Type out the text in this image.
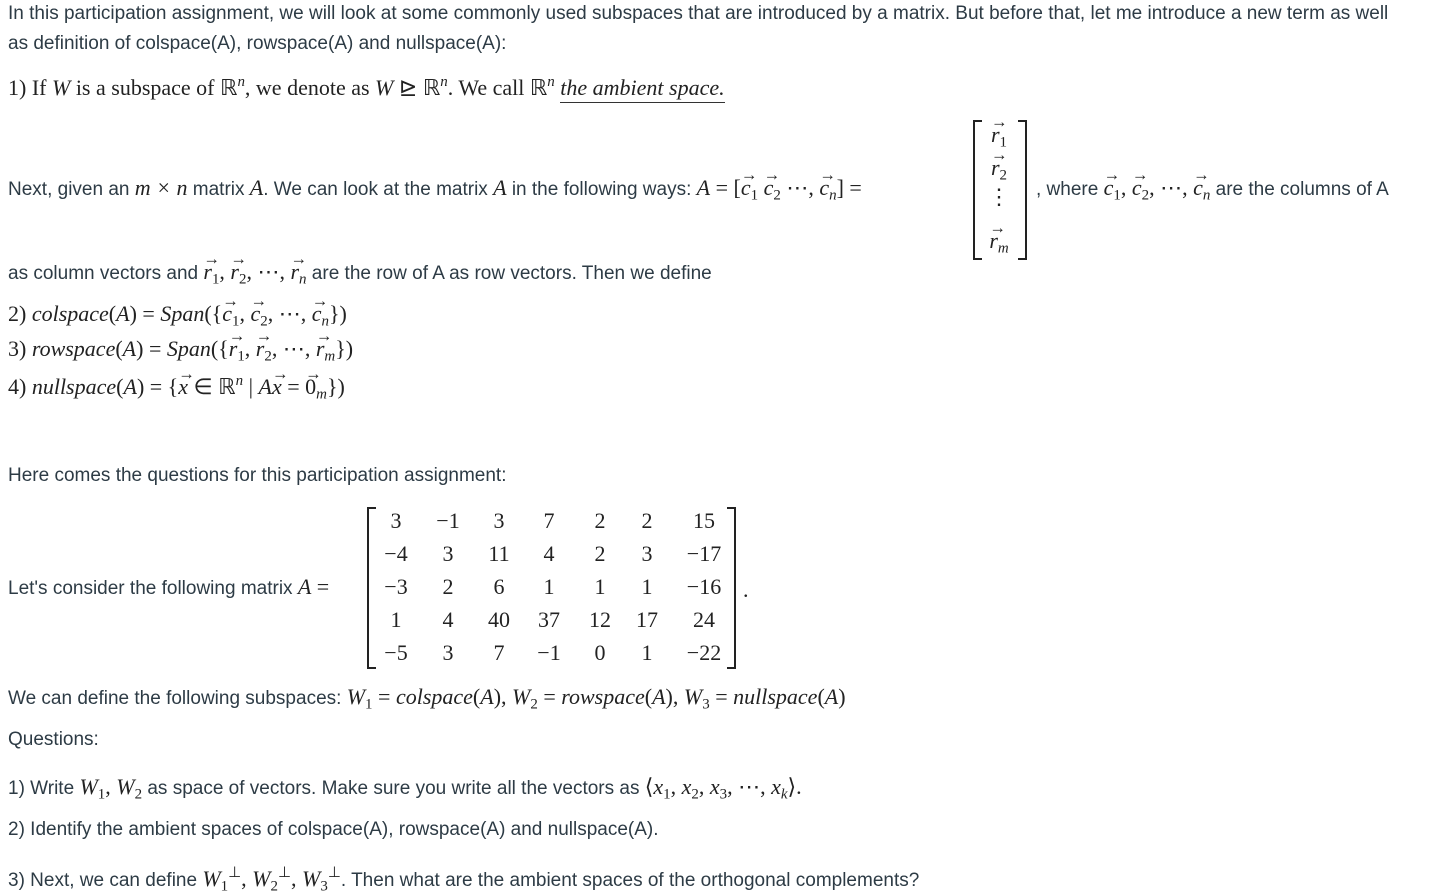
In this participation assignment, we will look at some commonly used subspaces that are introduced by a matrix. But before that, let me introduce a new term as well
as definition of colspace(A), rowspace(A) and nullspace(A):
1) If W is a subspace of ℝ$^n$, we denote as W ⊵ ℝ$^n$. We call ℝ$^n$ the ambient space.
Next, given an m × n matrix A. We can look at the matrix A in the following ways: A = [→ $c_1 \to c_2$ ⋯, → $c_n$] =
→ $r_1$
→ $r_2$
⋮
→ $r_m$
, where → $c_1$, → $c_2$, ⋯, → $c_n$ are the columns of A
as column vectors and → $r_1$, → $r_2$, ⋯, → $r_n$ are the row of A as row vectors. Then we define
2) colspace(A) = Span({→ $c_1$, → $c_2$, ⋯, → $c_n$})
3) rowspace(A) = Span({→ $r_1$, → $r_2$, ⋯, → $r_m$})
4) nullspace(A) = {→ x ∈ ℝ$^n$ | A→ x = → $0_m$})
Here comes the questions for this participation assignment:
Let's consider the following matrix A =
3	−1	3	7	2	2	15
−4	3	11	4	2	3	−17
−3	2	6	1	1	1	−16
1	4	40	37	12	17	24
−5	3	7	−1	0	1	−22
.
We can define the following subspaces: $W_1$ = colspace(A), $W_2$ = rowspace(A), $W_3$ = nullspace(A)
Questions:
1) Write $W_1$, $W_2$ as space of vectors. Make sure you write all the vectors as $⟨x_1$, $x_2$, $x_3$, ⋯, $x_k⟩$.
2) Identify the ambient spaces of colspace(A), rowspace(A) and nullspace(A).
3) Next, we can define $W_1^\perp$, $W_2^\perp$, $W_3^\perp$. Then what are the ambient spaces of the orthogonal complements?
